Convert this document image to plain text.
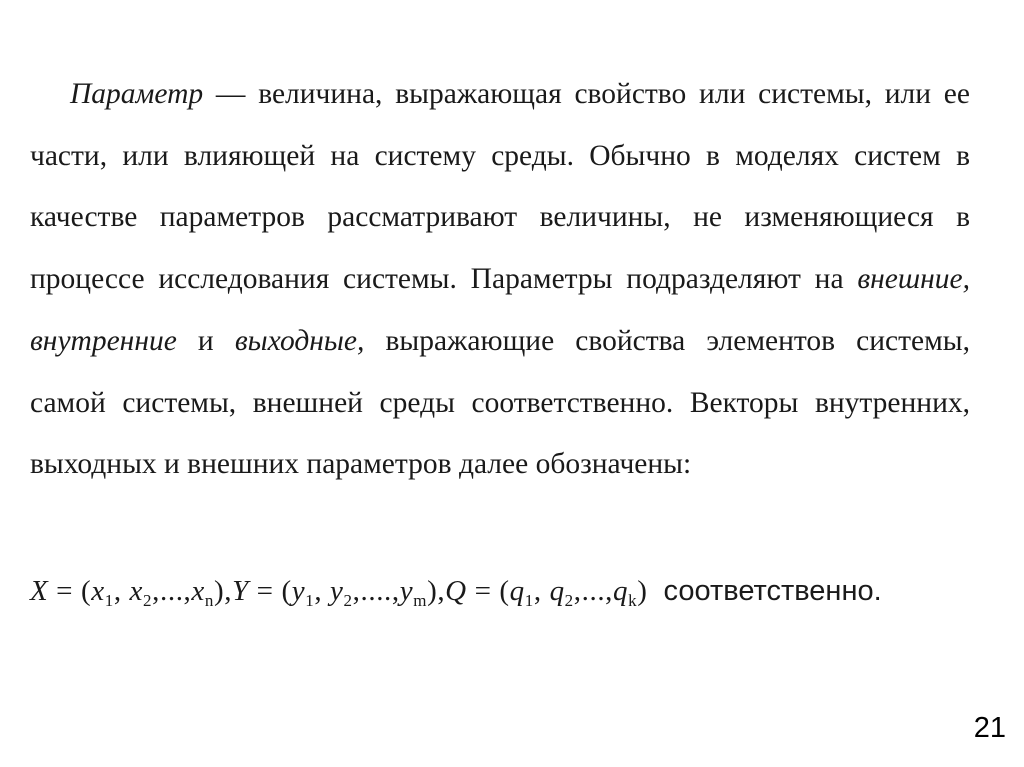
Параметр — величина, выражающая свойство или системы, или ее части, или влияющей на систему среды. Обычно в моделях систем в качестве параметров рассматривают величины, не изменяющиеся в процессе исследования системы. Параметры подразделяют на внешние, внутренние и выходные, выражающие свойства элементов системы, самой системы, внешней среды соответственно. Векторы внутренних, выходных и внешних параметров далее обозначены:

$X = (x_1$, $x_2,...,x_n),Y = (y_1$, $y_2,....,y_m),Q = (q_1$, $q_2,...,q_k$) соответственно.
21
